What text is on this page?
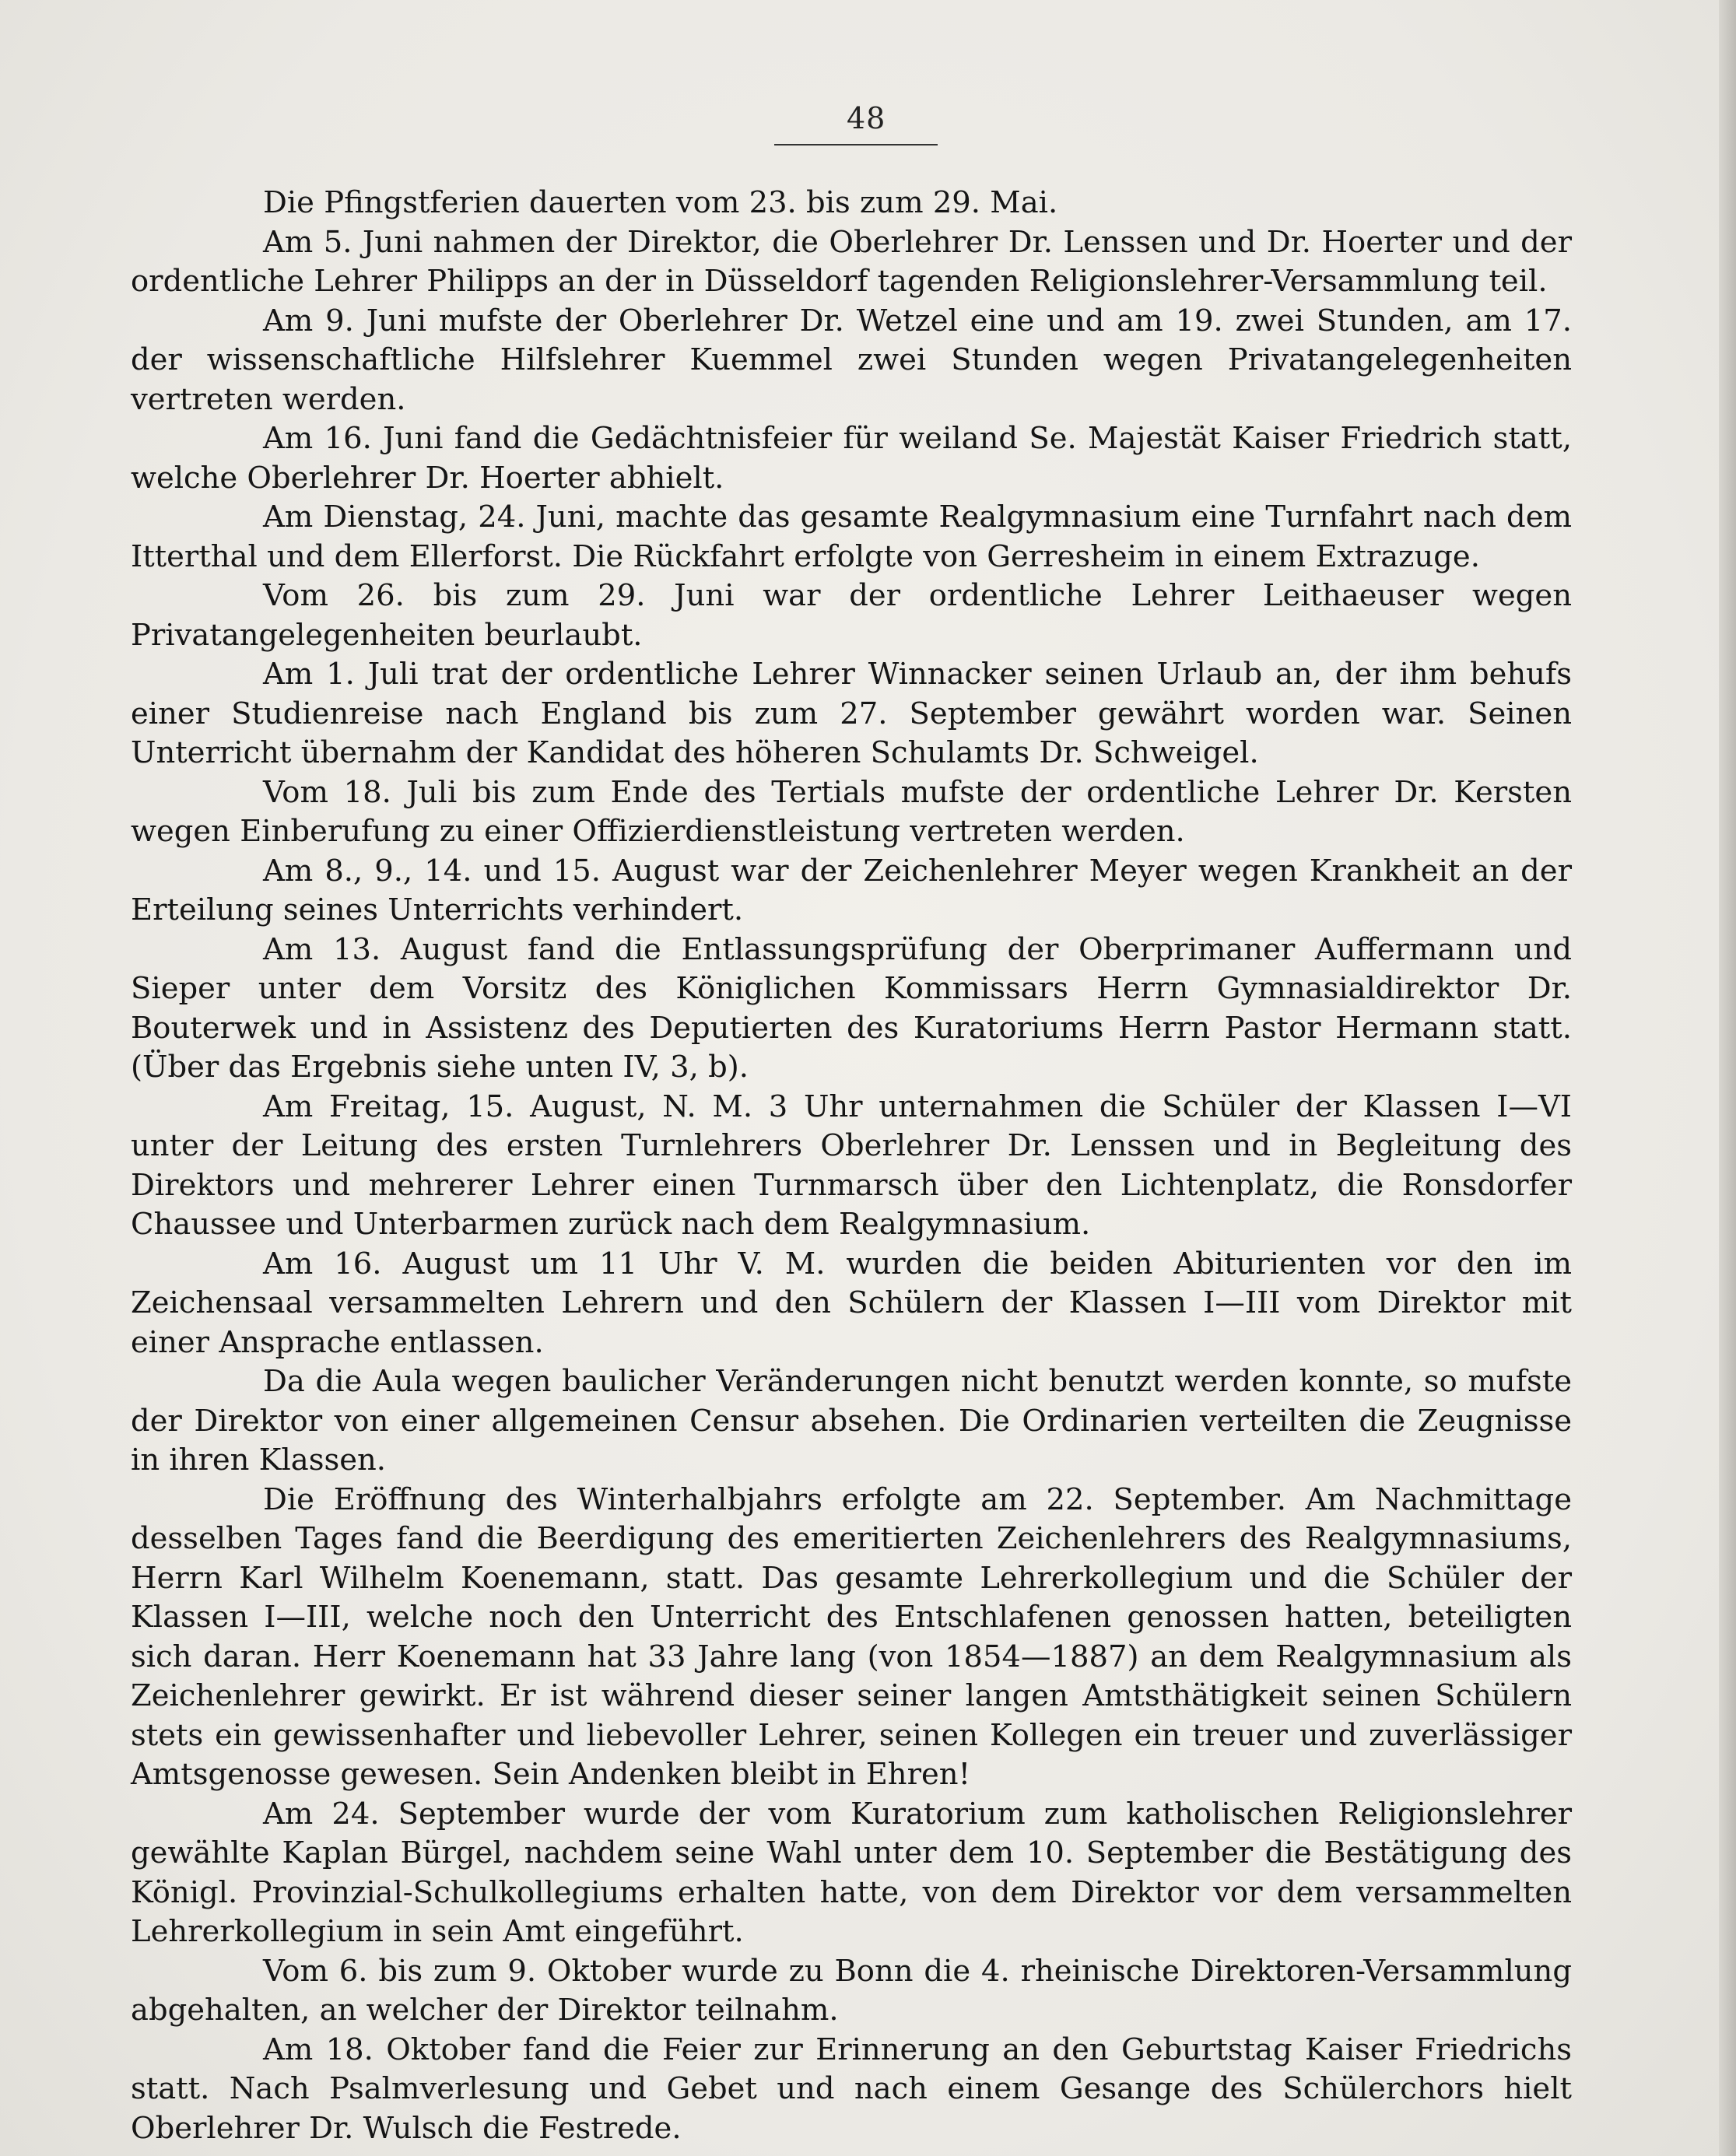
48

Die Pfingstferien dauerten vom 23. bis zum 29. Mai.

Am 5. Juni nahmen der Direktor, die Oberlehrer Dr. Lenssen und Dr. Hoerter und der ordentliche Lehrer Philipps an der in Düsseldorf tagenden Religionslehrer-Versammlung teil.

Am 9. Juni mufste der Oberlehrer Dr. Wetzel eine und am 19. zwei Stunden, am 17. der wissenschaftliche Hilfslehrer Kuemmel zwei Stunden wegen Privatangelegenheiten vertreten werden.

Am 16. Juni fand die Gedächtnisfeier für weiland Se. Majestät Kaiser Friedrich statt, welche Oberlehrer Dr. Hoerter abhielt.

Am Dienstag, 24. Juni, machte das gesamte Realgymnasium eine Turnfahrt nach dem Itterthal und dem Ellerforst. Die Rückfahrt erfolgte von Gerresheim in einem Extrazuge.

Vom 26. bis zum 29. Juni war der ordentliche Lehrer Leithaeuser wegen Privatangelegenheiten beurlaubt.

Am 1. Juli trat der ordentliche Lehrer Winnacker seinen Urlaub an, der ihm behufs einer Studienreise nach England bis zum 27. September gewährt worden war. Seinen Unterricht übernahm der Kandidat des höheren Schulamts Dr. Schweigel.

Vom 18. Juli bis zum Ende des Tertials mufste der ordentliche Lehrer Dr. Kersten wegen Einberufung zu einer Offizierdienstleistung vertreten werden.

Am 8., 9., 14. und 15. August war der Zeichenlehrer Meyer wegen Krankheit an der Erteilung seines Unterrichts verhindert.

Am 13. August fand die Entlassungsprüfung der Oberprimaner Auffermann und Sieper unter dem Vorsitz des Königlichen Kommissars Herrn Gymnasialdirektor Dr. Bouterwek und in Assistenz des Deputierten des Kuratoriums Herrn Pastor Hermann statt. (Über das Ergebnis siehe unten IV, 3, b).

Am Freitag, 15. August, N. M. 3 Uhr unternahmen die Schüler der Klassen I—VI unter der Leitung des ersten Turnlehrers Oberlehrer Dr. Lenssen und in Begleitung des Direktors und mehrerer Lehrer einen Turnmarsch über den Lichtenplatz, die Ronsdorfer Chaussee und Unterbarmen zurück nach dem Realgymnasium.

Am 16. August um 11 Uhr V. M. wurden die beiden Abiturienten vor den im Zeichensaal versammelten Lehrern und den Schülern der Klassen I—III vom Direktor mit einer Ansprache entlassen.

Da die Aula wegen baulicher Veränderungen nicht benutzt werden konnte, so mufste der Direktor von einer allgemeinen Censur absehen. Die Ordinarien verteilten die Zeugnisse in ihren Klassen.

Die Eröffnung des Winterhalbjahrs erfolgte am 22. September. Am Nachmittage desselben Tages fand die Beerdigung des emeritierten Zeichenlehrers des Realgymnasiums, Herrn Karl Wilhelm Koenemann, statt. Das gesamte Lehrerkollegium und die Schüler der Klassen I—III, welche noch den Unterricht des Entschlafenen genossen hatten, beteiligten sich daran. Herr Koenemann hat 33 Jahre lang (von 1854—1887) an dem Realgymnasium als Zeichenlehrer gewirkt. Er ist während dieser seiner langen Amtsthätigkeit seinen Schülern stets ein gewissenhafter und liebevoller Lehrer, seinen Kollegen ein treuer und zuverlässiger Amtsgenosse gewesen. Sein Andenken bleibt in Ehren!

Am 24. September wurde der vom Kuratorium zum katholischen Religionslehrer gewählte Kaplan Bürgel, nachdem seine Wahl unter dem 10. September die Bestätigung des Königl. Provinzial-Schulkollegiums erhalten hatte, von dem Direktor vor dem versammelten Lehrerkollegium in sein Amt eingeführt.

Vom 6. bis zum 9. Oktober wurde zu Bonn die 4. rheinische Direktoren-Versammlung abgehalten, an welcher der Direktor teilnahm.

Am 18. Oktober fand die Feier zur Erinnerung an den Geburtstag Kaiser Friedrichs statt. Nach Psalmverlesung und Gebet und nach einem Gesange des Schülerchors hielt Oberlehrer Dr. Wulsch die Festrede.
